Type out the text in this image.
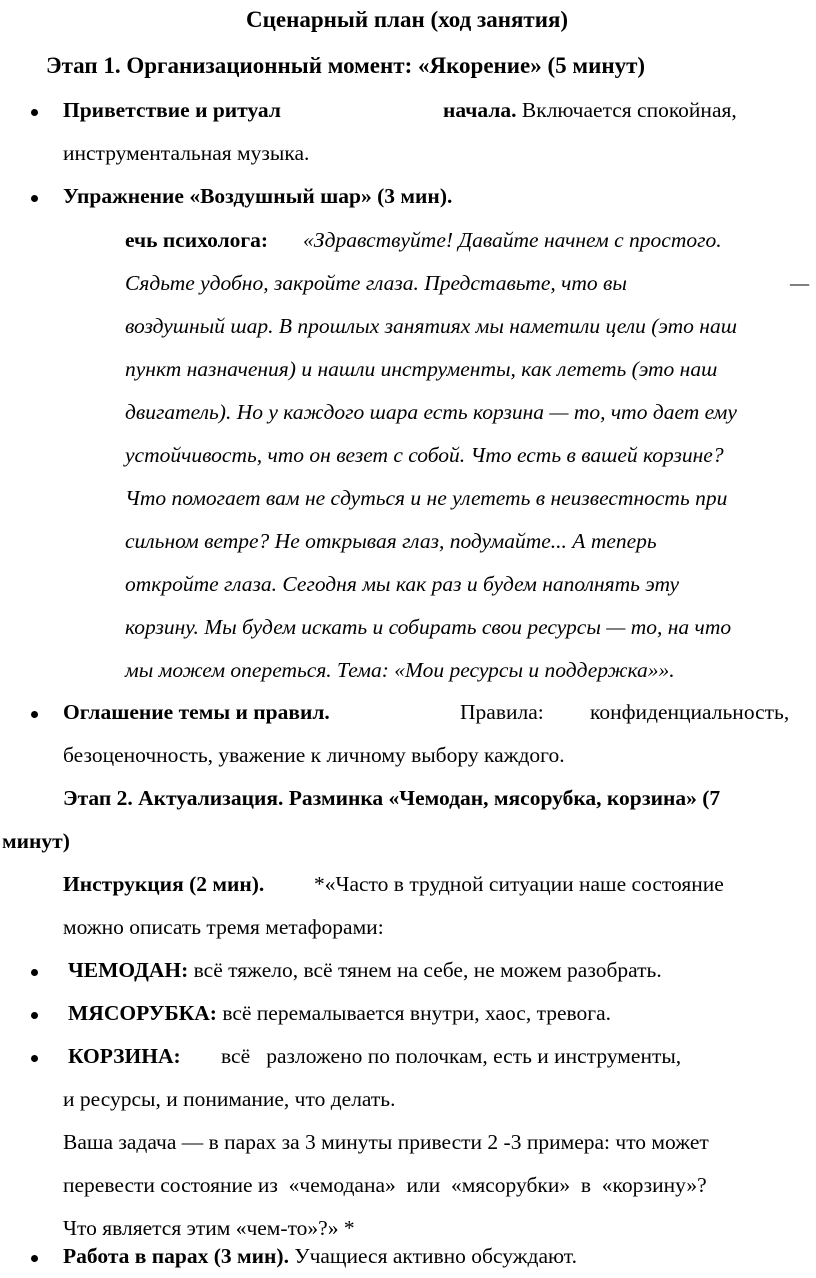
Сценарный план (ход занятия)
Этап 1. Организационный момент: «Якорение» (5 минут)
Приветствие и ритуал	начала. Включается спокойная,
инструментальная музыка.
Упражнение «Воздушный шар» (3 мин).
ечь психолога: «Здравствуйте! Давайте начнем с простого.
Сядьте удобно, закройте глаза. Представьте, что вы	—
воздушный шар. В прошлых занятиях мы наметили цели (это наш
пункт назначения) и нашли инструменты, как лететь (это наш
двигатель). Но у каждого шара есть корзина — то, что дает ему
устойчивость, что он везет с собой. Что есть в вашей корзине?
Что помогает вам не сдуться и не улететь в неизвестность при
сильном ветре? Не открывая глаз, подумайте... А теперь
откройте глаза. Сегодня мы как раз и будем наполнять эту
корзину. Мы будем искать и собирать свои ресурсы — то, на что
мы можем опереться. Тема: «Мои ресурсы и поддержка»».
Оглашение темы и правил.	Правила: конфиденциальность,
безоценочность, уважение к личному выбору каждого.
Этап 2. Актуализация. Разминка «Чемодан, мясорубка, корзина» (7
минут)
Инструкция (2 мин). *«Часто в трудной ситуации наше состояние
можно описать тремя метафорами:
ЧЕМОДАН: всё тяжело, всё тянем на себе, не можем разобрать.
МЯСОРУБКА: всё перемалывается внутри, хаос, тревога.
КОРЗИНА: всё   разложено по полочкам, есть и инструменты,
и ресурсы, и понимание, что делать.
Ваша задача — в парах за 3 минуты привести 2 -3 примера: что может
перевести состояние из  «чемодана»  или  «мясорубки»  в  «корзину»?
Что является этим «чем-то»?» *
Работа в парах (3 мин). Учащиеся активно обсуждают.
